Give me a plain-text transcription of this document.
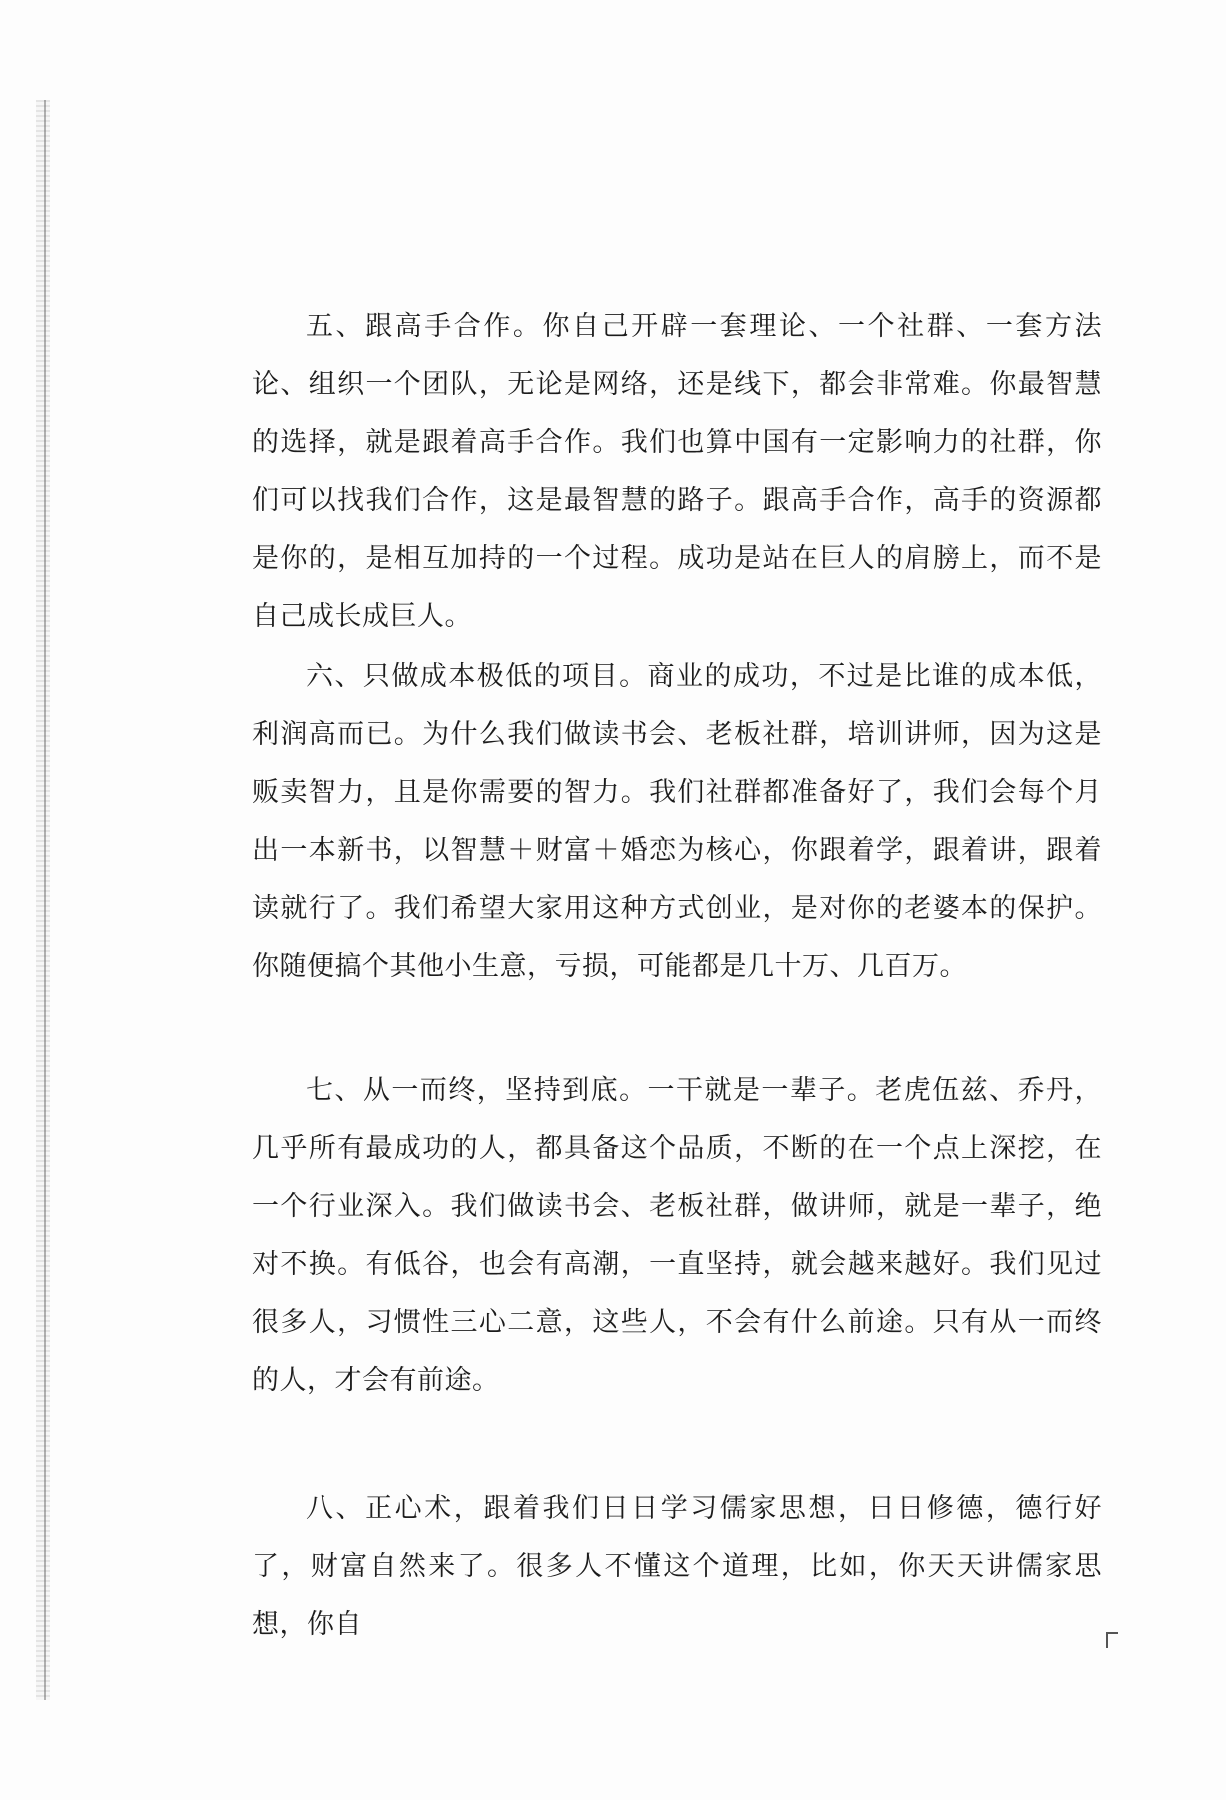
五、跟高手合作。你自己开辟一套理论、一个社群、一套方法论、组织一个团队，无论是网络，还是线下，都会非常难。你最智慧的选择，就是跟着高手合作。我们也算中国有一定影响力的社群，你们可以找我们合作，这是最智慧的路子。跟高手合作，高手的资源都是你的，是相互加持的一个过程。成功是站在巨人的肩膀上，而不是自己成长成巨人。

六、只做成本极低的项目。商业的成功，不过是比谁的成本低，利润高而已。为什么我们做读书会、老板社群，培训讲师，因为这是贩卖智力，且是你需要的智力。我们社群都准备好了，我们会每个月出一本新书，以智慧＋财富＋婚恋为核心，你跟着学，跟着讲，跟着读就行了。我们希望大家用这种方式创业，是对你的老婆本的保护。你随便搞个其他小生意，亏损，可能都是几十万、几百万。

七、从一而终，坚持到底。一干就是一辈子。老虎伍兹、乔丹，几乎所有最成功的人，都具备这个品质，不断的在一个点上深挖，在一个行业深入。我们做读书会、老板社群，做讲师，就是一辈子，绝对不换。有低谷，也会有高潮，一直坚持，就会越来越好。我们见过很多人，习惯性三心二意，这些人，不会有什么前途。只有从一而终的人，才会有前途。

八、正心术，跟着我们日日学习儒家思想，日日修德，德行好了，财富自然来了。很多人不懂这个道理，比如，你天天讲儒家思想，你自
